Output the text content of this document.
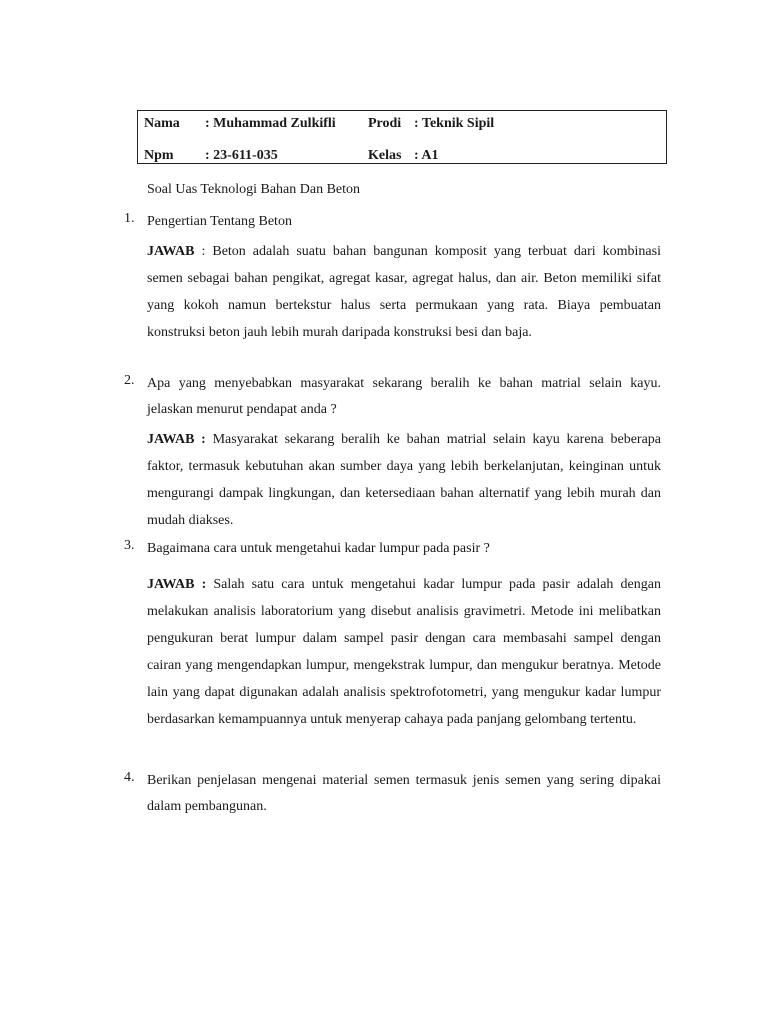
Nama : Muhammad Zulkifli Prodi : Teknik Sipil
Npm : 23-611-035	Kelas : A1
Soal Uas Teknologi Bahan Dan Beton
1. Pengertian Tentang Beton
JAWAB : Beton adalah suatu bahan bangunan komposit yang terbuat dari kombinasi semen sebagai bahan pengikat, agregat kasar, agregat halus, dan air. Beton memiliki sifat yang kokoh namun bertekstur halus serta permukaan yang rata. Biaya pembuatan konstruksi beton jauh lebih murah daripada konstruksi besi dan baja.
2. Apa yang menyebabkan masyarakat sekarang beralih ke bahan matrial selain kayu. jelaskan menurut pendapat anda ?
JAWAB : Masyarakat sekarang beralih ke bahan matrial selain kayu karena beberapa faktor, termasuk kebutuhan akan sumber daya yang lebih berkelanjutan, keinginan untuk mengurangi dampak lingkungan, dan ketersediaan bahan alternatif yang lebih murah dan mudah diakses.
3. Bagaimana cara untuk mengetahui kadar lumpur pada pasir ?
JAWAB : Salah satu cara untuk mengetahui kadar lumpur pada pasir adalah dengan melakukan analisis laboratorium yang disebut analisis gravimetri. Metode ini melibatkan pengukuran berat lumpur dalam sampel pasir dengan cara membasahi sampel dengan cairan yang mengendapkan lumpur, mengekstrak lumpur, dan mengukur beratnya. Metode lain yang dapat digunakan adalah analisis spektrofotometri, yang mengukur kadar lumpur berdasarkan kemampuannya untuk menyerap cahaya pada panjang gelombang tertentu.
4. Berikan penjelasan mengenai material semen termasuk jenis semen yang sering dipakai dalam pembangunan.
